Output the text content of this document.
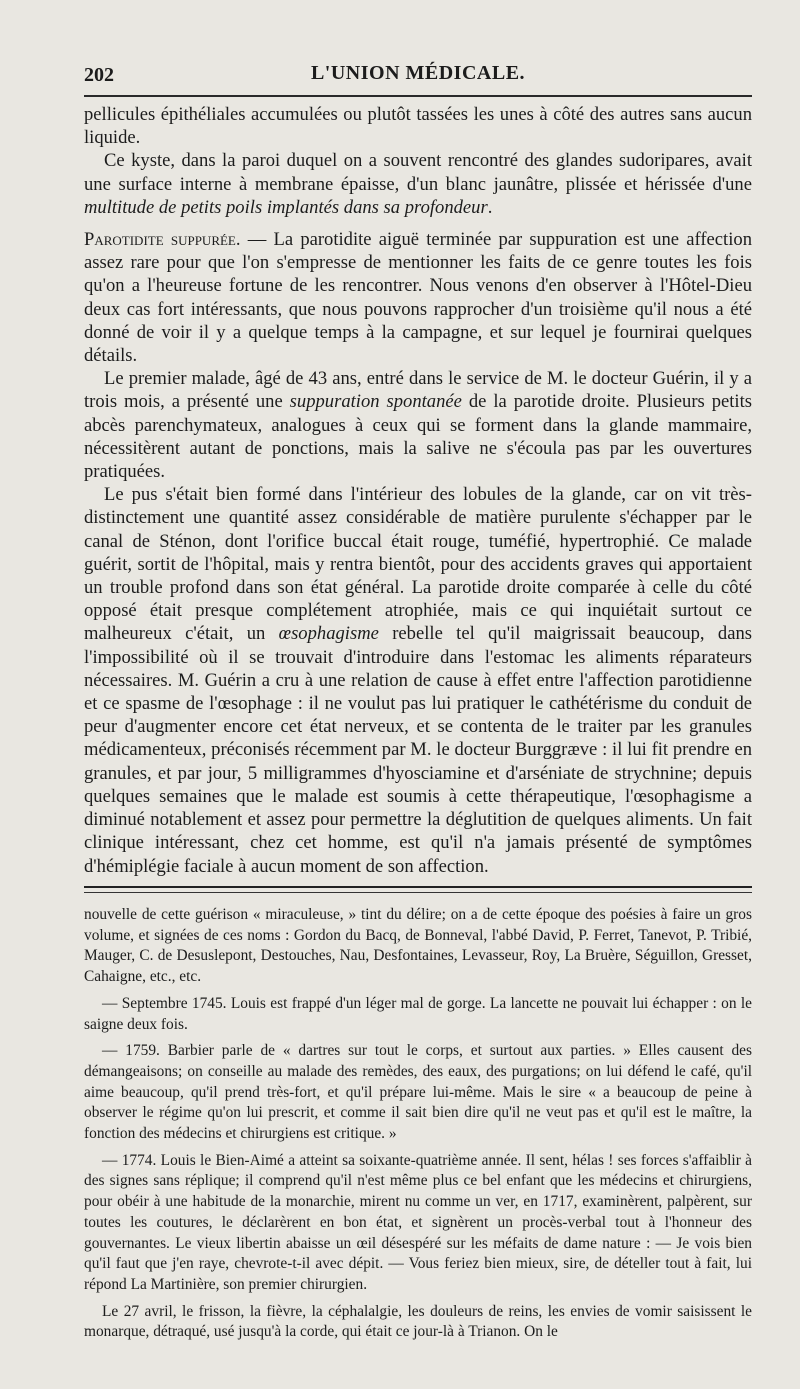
202	L'UNION MÉDICALE.

pellicules épithéliales accumulées ou plutôt tassées les unes à côté des autres sans aucun liquide.

Ce kyste, dans la paroi duquel on a souvent rencontré des glandes sudoripares, avait une surface interne à membrane épaisse, d'un blanc jaunâtre, plissée et hérissée d'une multitude de petits poils implantés dans sa profondeur.

Parotidite suppurée. — La parotidite aiguë terminée par suppuration est une affection assez rare pour que l'on s'empresse de mentionner les faits de ce genre toutes les fois qu'on a l'heureuse fortune de les rencontrer. Nous venons d'en observer à l'Hôtel-Dieu deux cas fort intéressants, que nous pouvons rapprocher d'un troisième qu'il nous a été donné de voir il y a quelque temps à la campagne, et sur lequel je fournirai quelques détails.

Le premier malade, âgé de 43 ans, entré dans le service de M. le docteur Guérin, il y a trois mois, a présenté une suppuration spontanée de la parotide droite. Plusieurs petits abcès parenchymateux, analogues à ceux qui se forment dans la glande mammaire, nécessitèrent autant de ponctions, mais la salive ne s'écoula pas par les ouvertures pratiquées.

Le pus s'était bien formé dans l'intérieur des lobules de la glande, car on vit très-distinctement une quantité assez considérable de matière purulente s'échapper par le canal de Sténon, dont l'orifice buccal était rouge, tuméfié, hypertrophié. Ce malade guérit, sortit de l'hôpital, mais y rentra bientôt, pour des accidents graves qui apportaient un trouble profond dans son état général. La parotide droite comparée à celle du côté opposé était presque complétement atrophiée, mais ce qui inquiétait surtout ce malheureux c'était, un œsophagisme rebelle tel qu'il maigrissait beaucoup, dans l'impossibilité où il se trouvait d'introduire dans l'estomac les aliments réparateurs nécessaires. M. Guérin a cru à une relation de cause à effet entre l'affection parotidienne et ce spasme de l'œsophage : il ne voulut pas lui pratiquer le cathétérisme du conduit de peur d'augmenter encore cet état nerveux, et se contenta de le traiter par les granules médicamenteux, préconisés récemment par M. le docteur Burggræve : il lui fit prendre en granules, et par jour, 5 milligrammes d'hyosciamine et d'arséniate de strychnine; depuis quelques semaines que le malade est soumis à cette thérapeutique, l'œsophagisme a diminué notablement et assez pour permettre la déglutition de quelques aliments. Un fait clinique intéressant, chez cet homme, est qu'il n'a jamais présenté de symptômes d'hémiplégie faciale à aucun moment de son affection.

nouvelle de cette guérison « miraculeuse, » tint du délire; on a de cette époque des poésies à faire un gros volume, et signées de ces noms : Gordon du Bacq, de Bonneval, l'abbé David, P. Ferret, Tanevot, P. Tribié, Mauger, C. de Desuslepont, Destouches, Nau, Desfontaines, Levasseur, Roy, La Bruère, Séguillon, Gresset, Cahaigne, etc., etc.

— Septembre 1745. Louis est frappé d'un léger mal de gorge. La lancette ne pouvait lui échapper : on le saigne deux fois.

— 1759. Barbier parle de « dartres sur tout le corps, et surtout aux parties. » Elles causent des démangeaisons; on conseille au malade des remèdes, des eaux, des purgations; on lui défend le café, qu'il aime beaucoup, qu'il prend très-fort, et qu'il prépare lui-même. Mais le sire « a beaucoup de peine à observer le régime qu'on lui prescrit, et comme il sait bien dire qu'il ne veut pas et qu'il est le maître, la fonction des médecins et chirurgiens est critique. »

— 1774. Louis le Bien-Aimé a atteint sa soixante-quatrième année. Il sent, hélas ! ses forces s'affaiblir à des signes sans réplique; il comprend qu'il n'est même plus ce bel enfant que les médecins et chirurgiens, pour obéir à une habitude de la monarchie, mirent nu comme un ver, en 1717, examinèrent, palpèrent, sur toutes les coutures, le déclarèrent en bon état, et signèrent un procès-verbal tout à l'honneur des gouvernantes. Le vieux libertin abaisse un œil désespéré sur les méfaits de dame nature : — Je vois bien qu'il faut que j'en raye, chevrote-t-il avec dépit. — Vous feriez bien mieux, sire, de dételler tout à fait, lui répond La Martinière, son premier chirurgien.

Le 27 avril, le frisson, la fièvre, la céphalalgie, les douleurs de reins, les envies de vomir saisissent le monarque, détraqué, usé jusqu'à la corde, qui était ce jour-là à Trianon. On le
